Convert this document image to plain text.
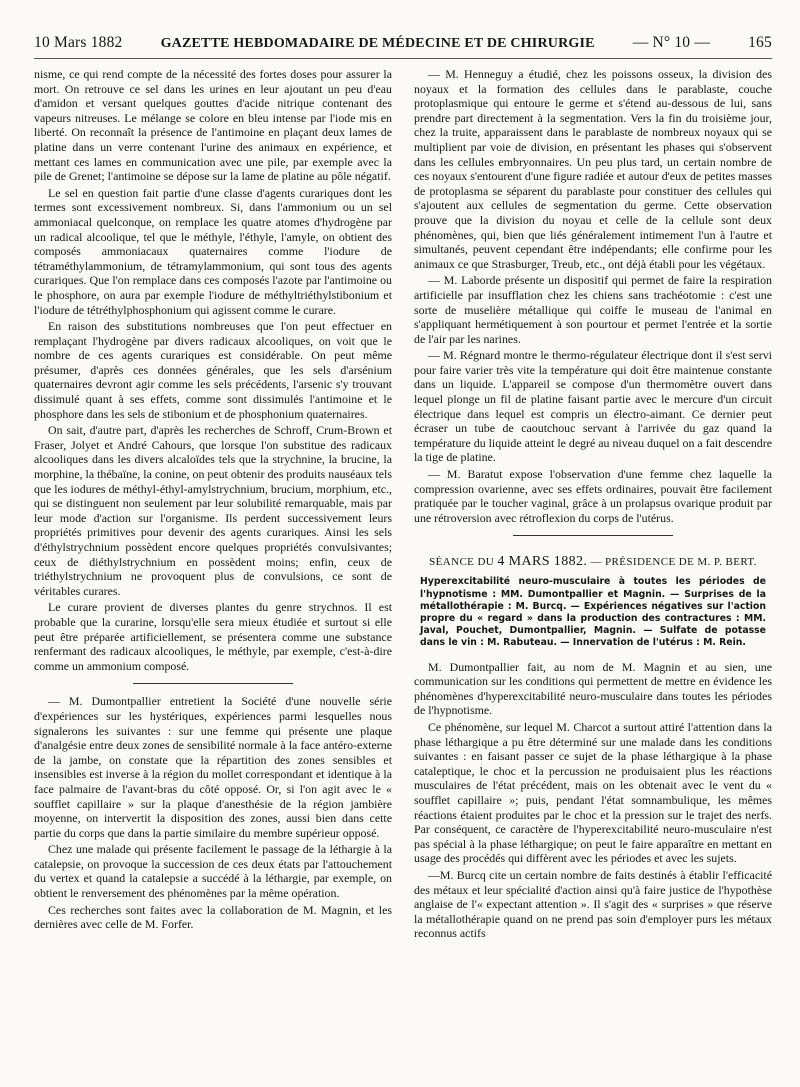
10 Mars 1882	GAZETTE HEBDOMADAIRE DE MÉDECINE ET DE CHIRURGIE — N° 10 — 165

nisme, ce qui rend compte de la nécessité des fortes doses pour assurer la mort. On retrouve ce sel dans les urines en leur ajoutant un peu d'eau d'amidon et versant quelques gouttes d'acide nitrique contenant des vapeurs nitreuses. Le mélange se colore en bleu intense par l'iode mis en liberté. On reconnaît la présence de l'antimoine en plaçant deux lames de platine dans un verre contenant l'urine des animaux en expérience, et mettant ces lames en communication avec une pile, par exemple avec la pile de Grenet; l'antimoine se dépose sur la lame de platine au pôle négatif.

Le sel en question fait partie d'une classe d'agents curariques dont les termes sont excessivement nombreux. Si, dans l'ammonium ou un sel ammoniacal quelconque, on remplace les quatre atomes d'hydrogène par un radical alcoolique, tel que le méthyle, l'éthyle, l'amyle, on obtient des composés ammoniacaux quaternaires comme l'iodure de tétraméthylammonium, de tétramylammonium, qui sont tous des agents curariques. Que l'on remplace dans ces composés l'azote par l'antimoine ou le phosphore, on aura par exemple l'iodure de méthyltriéthylstibonium et l'iodure de tétréthylphosphonium qui agissent comme le curare.

En raison des substitutions nombreuses que l'on peut effectuer en remplaçant l'hydrogène par divers radicaux alcooliques, on voit que le nombre de ces agents curariques est considérable. On peut même présumer, d'après ces données générales, que les sels d'arsénium quaternaires devront agir comme les sels précédents, l'arsenic s'y trouvant dissimulé quant à ses effets, comme sont dissimulés l'antimoine et le phosphore dans les sels de stibonium et de phosphonium quaternaires.

On sait, d'autre part, d'après les recherches de Schroff, Crum-Brown et Fraser, Jolyet et André Cahours, que lorsque l'on substitue des radicaux alcooliques dans les divers alcaloïdes tels que la strychnine, la brucine, la morphine, la thébaïne, la conine, on peut obtenir des produits nauséaux tels que les iodures de méthyl-éthyl-amylstrychnium, brucium, morphium, etc., qui se distinguent non seulement par leur solubilité remarquable, mais par leur mode d'action sur l'organisme. Ils perdent successivement leurs propriétés primitives pour devenir des agents curariques. Ainsi les sels d'éthylstrychnium possèdent encore quelques propriétés convulsivantes; ceux de diéthylstrychnium en possèdent moins; enfin, ceux de triéthylstrychnium ne provoquent plus de convulsions, ce sont de véritables curares.

Le curare provient de diverses plantes du genre strychnos. Il est probable que la curarine, lorsqu'elle sera mieux étudiée et surtout si elle peut être préparée artificiellement, se présentera comme une substance renfermant des radicaux alcooliques, le méthyle, par exemple, c'est-à-dire comme un ammonium composé.

— M. Dumontpallier entretient la Société d'une nouvelle série d'expériences sur les hystériques, expériences parmi lesquelles nous signalerons les suivantes : sur une femme qui présente une plaque d'analgésie entre deux zones de sensibilité normale à la face antéro-externe de la jambe, on constate que la répartition des zones sensibles et insensibles est inverse à la région du mollet correspondant et identique à la face palmaire de l'avant-bras du côté opposé. Or, si l'on agit avec le « soufflet capillaire » sur la plaque d'anesthésie de la région jambière moyenne, on intervertit la disposition des zones, aussi bien dans cette partie du corps que dans la partie similaire du membre supérieur opposé.

Chez une malade qui présente facilement le passage de la léthargie à la catalepsie, on provoque la succession de ces deux états par l'attouchement du vertex et quand la catalepsie a succédé à la léthargie, par exemple, on obtient le renversement des phénomènes par la même opération.

Ces recherches sont faites avec la collaboration de M. Magnin, et les dernières avec celle de M. Forfer.

— M. Henneguy a étudié, chez les poissons osseux, la division des noyaux et la formation des cellules dans le parablaste, couche protoplasmique qui entoure le germe et s'étend au-dessous de lui, sans prendre part directement à la segmentation. Vers la fin du troisième jour, chez la truite, apparaissent dans le parablaste de nombreux noyaux qui se multiplient par voie de division, en présentant les phases qui s'observent dans les cellules embryonnaires. Un peu plus tard, un certain nombre de ces noyaux s'entourent d'une figure radiée et autour d'eux de petites masses de protoplasma se séparent du parablaste pour constituer des cellules qui s'ajoutent aux cellules de segmentation du germe. Cette observation prouve que la division du noyau et celle de la cellule sont deux phénomènes, qui, bien que liés généralement intimement l'un à l'autre et simultanés, peuvent cependant être indépendants; elle confirme pour les animaux ce que Strasburger, Treub, etc., ont déjà établi pour les végétaux.

— M. Laborde présente un dispositif qui permet de faire la respiration artificielle par insufflation chez les chiens sans trachéotomie : c'est une sorte de muselière métallique qui coiffe le museau de l'animal en s'appliquant hermétiquement à son pourtour et permet l'entrée et la sortie de l'air par les narines.

— M. Régnard montre le thermo-régulateur électrique dont il s'est servi pour faire varier très vite la température qui doit être maintenue constante dans un liquide. L'appareil se compose d'un thermomètre ouvert dans lequel plonge un fil de platine faisant partie avec le mercure d'un circuit électrique dans lequel est compris un électro-aimant. Ce dernier peut écraser un tube de caoutchouc servant à l'arrivée du gaz quand la température du liquide atteint le degré au niveau duquel on a fait descendre la tige de platine.

— M. Baratut expose l'observation d'une femme chez laquelle la compression ovarienne, avec ses effets ordinaires, pouvait être facilement pratiquée par le toucher vaginal, grâce à un prolapsus ovarique produit par une rétroversion avec rétroflexion du corps de l'utérus.

SÉANCE DU 4 MARS 1882. — PRÉSIDENCE DE M. P. BERT.
Hyperexcitabilité neuro-musculaire à toutes les périodes de l'hypnotisme : MM. Dumontpallier et Magnin. — Surprises de la métallothérapie : M. Burcq. — Expériences négatives sur l'action propre du « regard » dans la production des contractures : MM. Javal, Pouchet, Dumontpallier, Magnin. — Sulfate de potasse dans le vin : M. Rabuteau. — Innervation de l'utérus : M. Rein.

M. Dumontpallier fait, au nom de M. Magnin et au sien, une communication sur les conditions qui permettent de mettre en évidence les phénomènes d'hyperexcitabilité neuro-musculaire dans toutes les périodes de l'hypnotisme.

Ce phénomène, sur lequel M. Charcot a surtout attiré l'attention dans la phase léthargique a pu être déterminé sur une malade dans les conditions suivantes : en faisant passer ce sujet de la phase léthargique à la phase cataleptique, le choc et la percussion ne produisaient plus les réactions musculaires de l'état précédent, mais on les obtenait avec le vent du « soufflet capillaire »; puis, pendant l'état somnambulique, les mêmes réactions étaient produites par le choc et la pression sur le trajet des nerfs. Par conséquent, ce caractère de l'hyperexcitabilité neuro-musculaire n'est pas spécial à la phase léthargique; on peut le faire apparaître en mettant en usage des procédés qui diffèrent avec les périodes et avec les sujets.

—M. Burcq cite un certain nombre de faits destinés à établir l'efficacité des métaux et leur spécialité d'action ainsi qu'à faire justice de l'hypothèse anglaise de l'« expectant attention ». Il s'agit des « surprises » que réserve la métallothérapie quand on ne prend pas soin d'employer purs les métaux reconnus actifs
